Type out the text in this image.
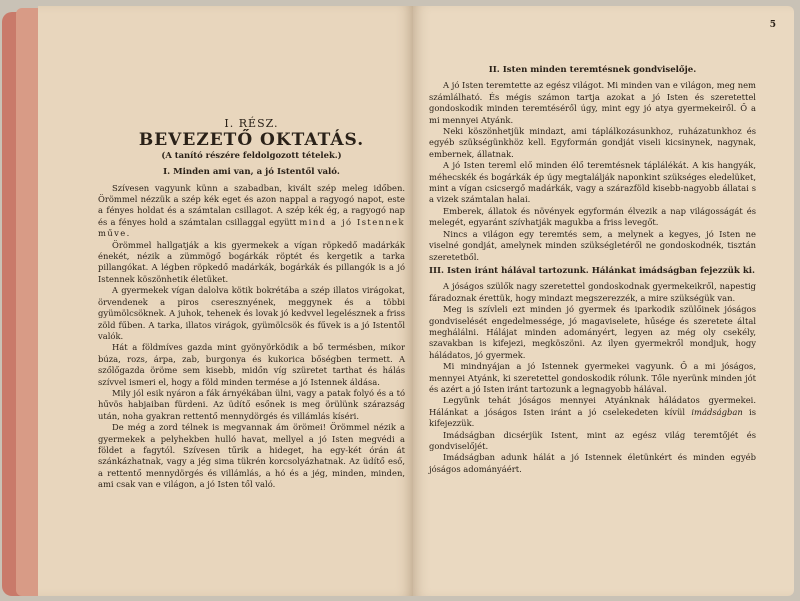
I. RÉSZ.
BEVEZETŐ OKTATÁS.
(A tanító részére feldolgozott tételek.)
I. Minden ami van, a jó Istentől való.

Szívesen vagyunk künn a szabadban, kivált szép meleg időben. Örömmel nézzük a szép kék eget és azon nappal a ragyogó napot, este a fényes holdat és a számtalan csillagot. A szép kék ég, a ragyogó nap és a fényes hold a számtalan csillaggal együtt mind a jó Istennek műve.

Örömmel hallgatják a kis gyermekek a vígan röpkedő madárkák énekét, nézik a zümmögő bogárkák röptét és kergetik a tarka pillangókat. A légben röpkedő madárkák, bogárkák és pillangók is a jó Istennek köszönhetik életüket.

A gyermekek vígan dalolva kötik bokrétába a szép illatos virágokat, örvendenek a piros cseresznyének, meggynek és a többi gyümölcsöknek. A juhok, tehenek és lovak jó kedvvel legelésznek a friss zöld fűben. A tarka, illatos virágok, gyümölcsök és fűvek is a jó Istentől valók.

Hát a földmíves gazda mint gyönyörködik a bő termésben, mikor búza, rozs, árpa, zab, burgonya és kukorica bőségben termett. A szőlőgazda öröme sem kisebb, midőn víg szüretet tarthat és hálás szívvel ismeri el, hogy a föld minden termése a jó Istennek áldása.

Mily jól esik nyáron a fák árnyékában ülni, vagy a patak folyó és a tó hűvös habjaiban fürdeni. Az üdítő esőnek is meg örülünk szárazság után, noha gyakran rettentő mennydörgés és villámlás kíséri.

De még a zord télnek is megvannak ám örömei! Örömmel nézik a gyermekek a pelyhekben hulló havat, mellyel a jó Isten megvédi a földet a fagytól. Szívesen tűrik a hideget, ha egy-két órán át szánkázhatnak, vagy a jég sima tükrén korcsolyázhatnak. Az üdítő eső, a rettentő mennydörgés és villámlás, a hó és a jég, minden, minden, ami csak van e világon, a jó Isten től való.

5
II. Isten minden teremtésnek gondviselője.

A jó Isten teremtette az egész világot. Mi minden van e világon, meg nem számlálható. És mégis számon tartja azokat a jó Isten és szeretettel gondoskodik minden teremtéséről úgy, mint egy jó atya gyermekeiről. Ő a mi mennyei Atyánk.

Neki köszönhetjük mindazt, ami táplálkozásunkhoz, ruházatunkhoz és egyéb szükségünkhöz kell. Egyformán gondját viseli kicsinynek, nagynak, embernek, állatnak.

A jó Isten tereml elő minden élő teremtésnek táplálékát. A kis hangyák, méhecskék és bogárkák ép úgy megtalálják naponkint szükséges eledelüket, mint a vígan csicsergő madárkák, vagy a szárazföld kisebb-nagyobb állatai s a vizek számtalan halai.

Emberek, állatok és növények egyformán élvezik a nap világosságát és melegét, egyaránt szívhatják magukba a friss levegőt.

Nincs a világon egy teremtés sem, a melynek a kegyes, jó Isten ne viselné gondját, amelynek minden szükségletéről ne gondoskodnék, tisztán szeretetből.

III. Isten iránt hálával tartozunk. Hálánkat imádságban fejezzük ki.

A jóságos szülők nagy szeretettel gondoskodnak gyermekeikről, napestig fáradoznak érettük, hogy mindazt megszerezzék, a mire szükségük van.

Meg is szívleli ezt minden jó gyermek és iparkodik szülőinek jóságos gondviselését engedelmessége, jó magaviselete, hűsége és szeretete által meghálálni. Hálájat minden adományért, legyen az még oly csekély, szavakban is kifejezi, megköszöni. Az ilyen gyermekről mondjuk, hogy háládatos, jó gyermek.

Mi mindnyájan a jó Istennek gyermekei vagyunk. Ő a mi jóságos, mennyei Atyánk, ki szeretettel gondoskodik rólunk. Tőle nyerünk minden jót és azért a jó Isten iránt tartozunk a legnagyobb hálával.

Legyünk tehát jóságos mennyei Atyánknak háládatos gyermekei. Hálánkat a jóságos Isten iránt a jó cselekedeten kívül imádságban is kifejezzük.

Imádságban dicsérjük Istent, mint az egész világ teremtőjét és gondviselőjét.

Imádságban adunk hálát a jó Istennek életünkért és minden egyéb jóságos adományáért.
